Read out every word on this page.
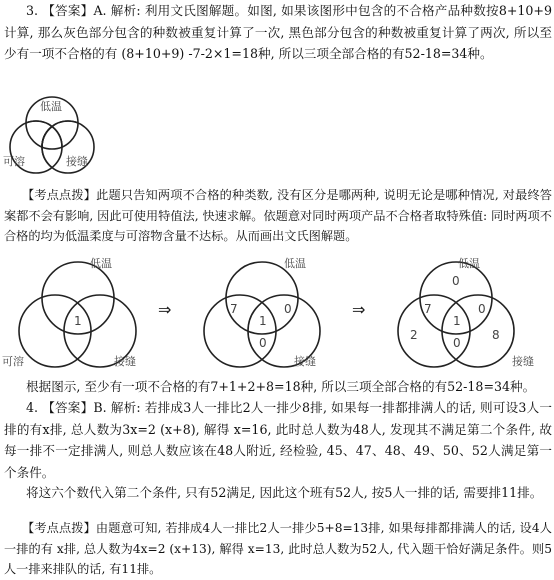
3. 【答案】A. 解析: 利用文氏图解题。如图, 如果该图形中包含的不合格产品种数按8+10+9计算, 那么灰色部分包含的种数被重复计算了一次, 黑色部分包含的种数被重复计算了两次, 所以至少有一项不合格的有 (8+10+9) -7-2×1=18种, 所以三项全部合格的有52-18=34种。

低温
可溶	接缝

【考点点拨】此题只告知两项不合格的种类数, 没有区分是哪两种, 说明无论是哪种情况, 对最终答案都不会有影响, 因此可使用特值法, 快速求解。依题意对同时两项产品不合格者取特殊值: 同时两项不合格的均为低温柔度与可溶物含量不达标。从而画出文氏图解题。

低温
可溶	接缝
1
⇒
低温
接缝
7
1
0
0
⇒
低温
接缝
0
7
1
0
2
0
8

根据图示, 至少有一项不合格的有7+1+2+8=18种, 所以三项全部合格的有52-18=34种。

4. 【答案】B. 解析: 若排成3人一排比2人一排少8排, 如果每一排都排满人的话, 则可设3人一排的有x排, 总人数为3x=2 (x+8), 解得 x=16, 此时总人数为48人, 发现其不满足第二个条件, 故每一排不一定排满人, 则总人数应该在48人附近, 经检验, 45、47、48、49、50、52人满足第一个条件。

将这六个数代入第二个条件, 只有52满足, 因此这个班有52人, 按5人一排的话, 需要排11排。

【考点点拨】由题意可知, 若排成4人一排比2人一排少5+8=13排, 如果每排都排满人的话, 设4人一排的有 x排, 总人数为4x=2 (x+13), 解得 x=13, 此时总人数为52人, 代入题干恰好满足条件。则5人一排来排队的话, 有11排。
